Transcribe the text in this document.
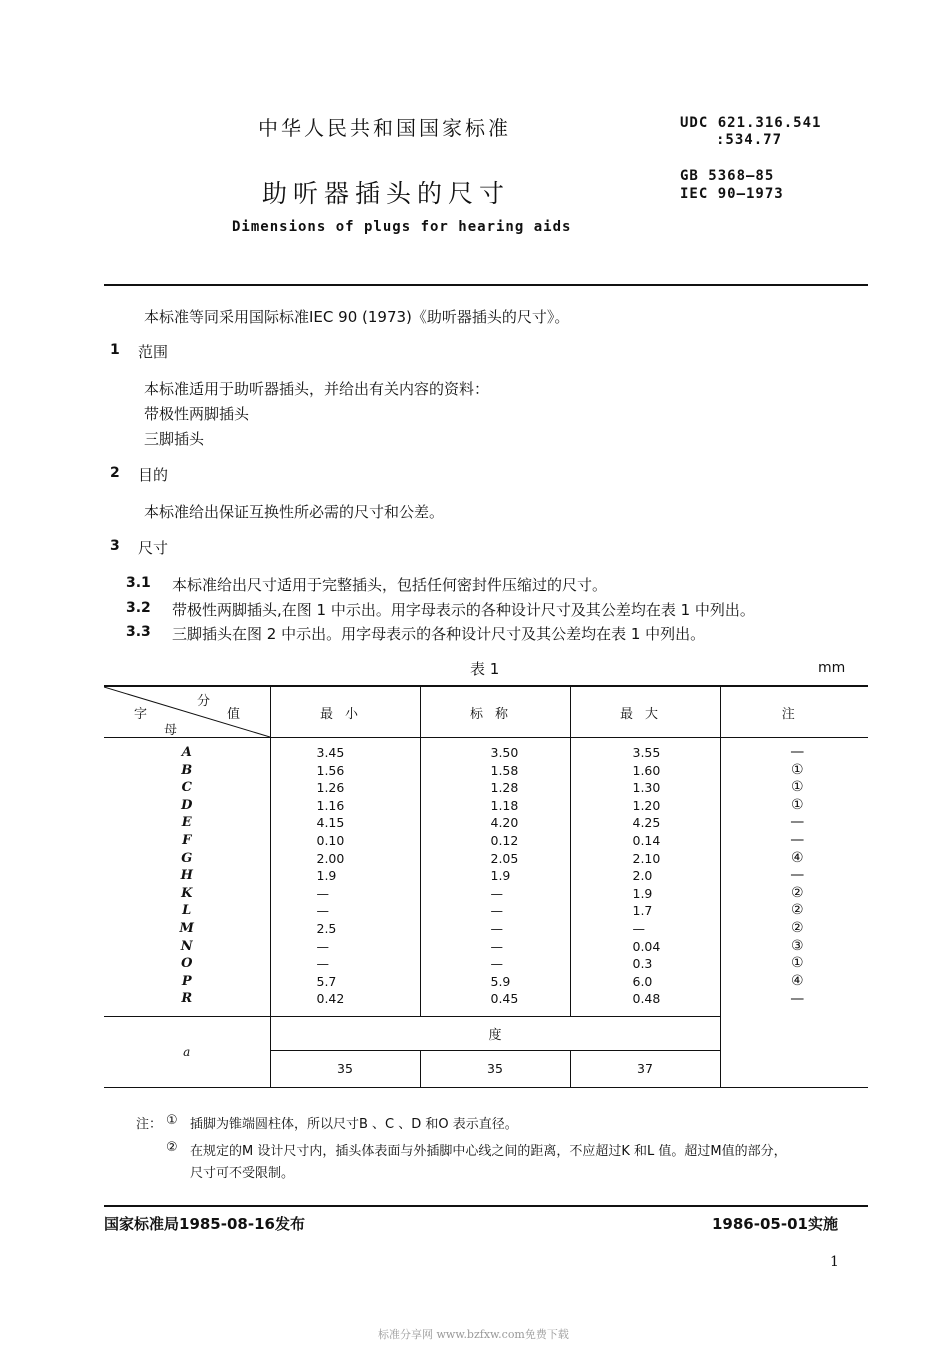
中华人民共和国国家标准
助听器插头的尺寸
Dimensions of plugs for hearing aids
UDC 621.316.541
:534.77
GB 5368—85
IEC 90—1973
本标准等同采用国际标准IEC 90 (1973)《助听器插头的尺寸》。
1 范围
本标准适用于助听器插头，并给出有关内容的资料：
带极性两脚插头
三脚插头
2 目的
本标准给出保证互换性所必需的尺寸和公差。
3 尺寸
3.1 本标准给出尺寸适用于完整插头，包括任何密封件压缩过的尺寸。
3.2 带极性两脚插头,在图 1 中示出。用字母表示的各种设计尺寸及其公差均在表 1 中列出。
3.3 三脚插头在图 2 中示出。用字母表示的各种设计尺寸及其公差均在表 1 中列出。
表 1	mm
分
字 值
母	最小	标称	最大	注
A	3.45	3.50	3.55	—
B	1.56	1.58	1.60	①
C	1.26	1.28	1.30	①
D	1.16	1.18	1.20	①
E	4.15	4.20	4.25	—
F	0.10	0.12	0.14	—
G	2.00	2.05	2.10	④
H	1.9	1.9	2.0	—
K	—	—	1.9	②
L	—	—	1.7	②
M	2.5	—	—	②
N	—	—	0.04	③
O	—	—	0.3	①
P	5.7	5.9	6.0	④
R	0.42	0.45	0.48	—
a	度			
	35	35	37	
注： ① 插脚为锥端圆柱体，所以尺寸B 、C 、D 和O 表示直径。
② 在规定的M 设计尺寸内，插头体表面与外插脚中心线之间的距离，不应超过K 和L 值。超过M值的部分，
尺寸可不受限制。
国家标准局1985-08-16发布	1986-05-01实施
1
标准分享网 www.bzfxw.com免费下载
